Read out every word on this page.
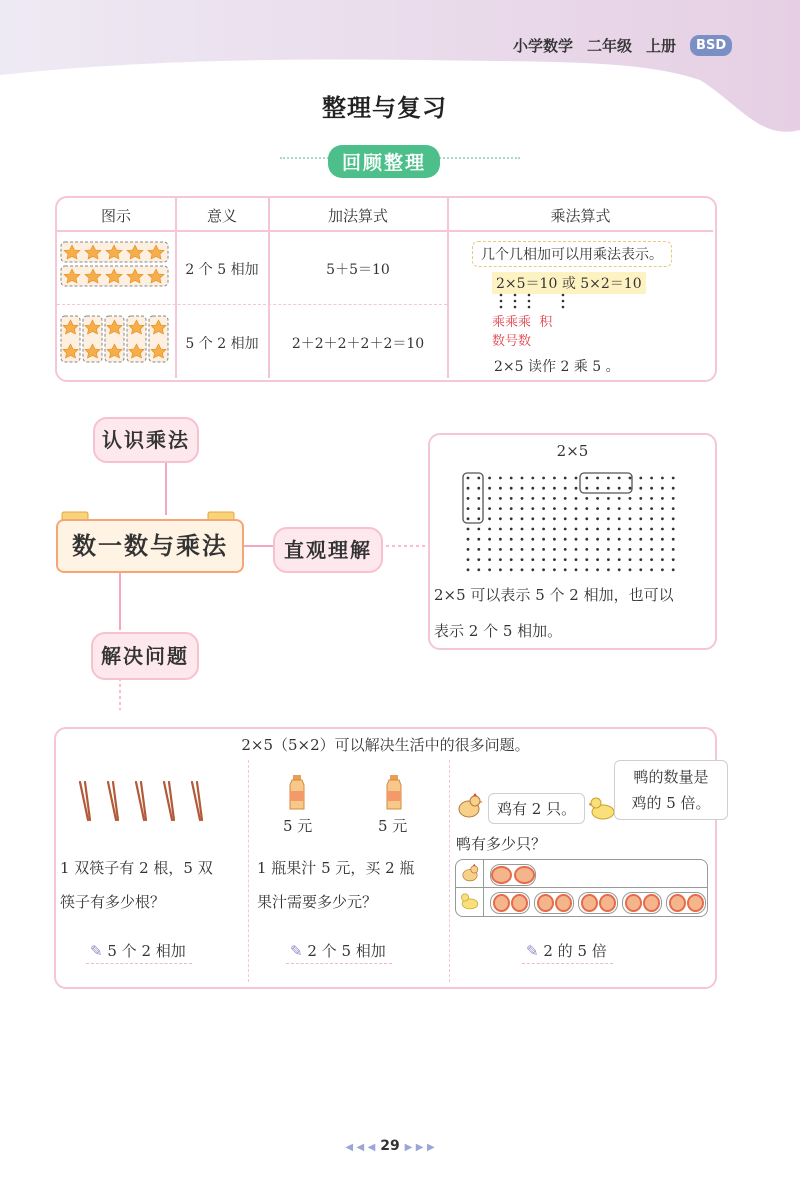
小学数学 二年级 上册	BSD
整理与复习
回顾整理
图示	意义	加法算式	乘法算式
2 个 5 相加	5＋5＝10
5 个 2 相加	2＋2＋2＋2＋2＝10
几个几相加可以用乘法表示。
2×5＝10 或 5×2＝10
乘乘乘 积
数号数
2×5 读作 2 乘 5 。
认识乘法
数一数与乘法	直观理解
解决问题
2×5
2×5 可以表示 5 个 2 相加，也可以
表示 2 个 5 相加。
2×5（5×2）可以解决生活中的很多问题。
1 双筷子有 2 根，5 双
筷子有多少根？
✎ 5 个 2 相加
5 元	5 元
1 瓶果汁 5 元，买 2 瓶
果汁需要多少元？
✎ 2 个 5 相加
鸡有 2 只。
鸭的数量是
鸡的 5 倍。
鸭有多少只？
✎ 2 的 5 倍
◀ ◀ ◀ 29 ▶ ▶ ▶
